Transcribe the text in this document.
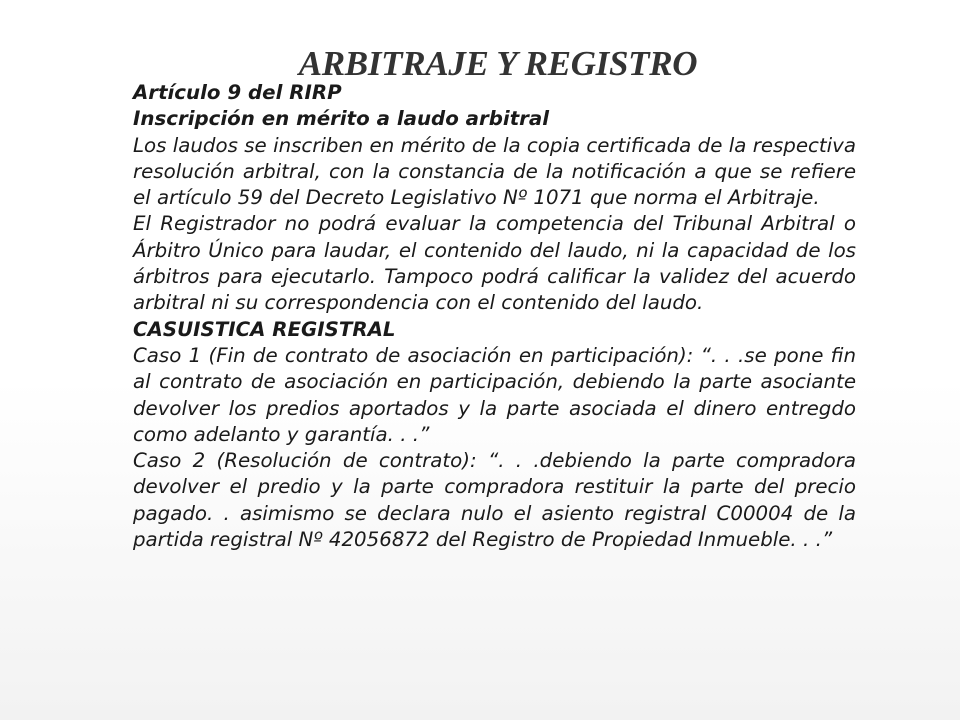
ARBITRAJE Y REGISTRO

Artículo 9 del RIRP

Inscripción en mérito a laudo arbitral

Los laudos se inscriben en mérito de la copia certificada de la respectiva resolución arbitral, con la constancia de la notificación a que se refiere el artículo 59 del Decreto Legislativo Nº 1071 que norma el Arbitraje.

El Registrador no podrá evaluar la competencia del Tribunal Arbitral o Árbitro Único para laudar, el contenido del laudo, ni la capacidad de los árbitros para ejecutarlo. Tampoco podrá calificar la validez del acuerdo arbitral ni su correspondencia con el contenido del laudo.

CASUISTICA REGISTRAL

Caso 1 (Fin de contrato de asociación en participación): “. . .se pone fin al contrato de asociación en participación, debiendo la parte asociante devolver los predios aportados y la parte asociada el dinero entregdo como adelanto y garantía. . .”

Caso 2 (Resolución de contrato): “. . .debiendo la parte compradora devolver el predio y la parte compradora restituir la parte del precio pagado. . asimismo se declara nulo el asiento registral C00004 de la partida registral Nº 42056872 del Registro de Propiedad Inmueble. . .”
